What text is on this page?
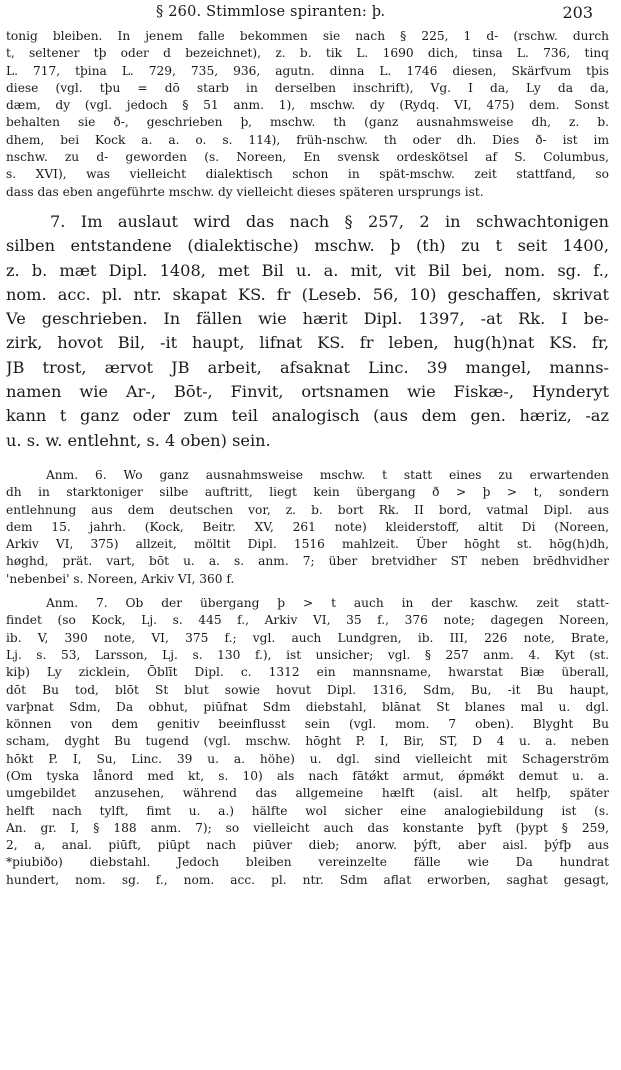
§ 260. Stimmlose spiranten: þ.	203
tonig bleiben. In jenem falle bekommen sie nach § 225, 1 d- (rschw. durch
t, seltener tþ oder d bezeichnet), z. b. tik L. 1690 dich, tinsa L. 736, tinq
L. 717, tþina L. 729, 735, 936, agutn. dinna L. 1746 diesen, Skärfvum tþis
diese (vgl. tþu = dō starb in derselben inschrift), Vg. I da, Ly da da,
dæm, dy (vgl. jedoch § 51 anm. 1), mschw. dy (Rydq. VI, 475) dem. Sonst
behalten sie ð-, geschrieben þ, mschw. th (ganz ausnahmsweise dh, z. b.
dhem, bei Kock a. a. o. s. 114), früh-nschw. th oder dh. Dies ð- ist im
nschw. zu d- geworden (s. Noreen, En svensk ordeskötsel af S. Columbus,
s. XVI), was vielleicht dialektisch schon in spät-mschw. zeit stattfand, so
dass das eben angeführte mschw. dy vielleicht dieses späteren ursprungs ist.
7. Im auslaut wird das nach § 257, 2 in schwachtonigen
silben entstandene (dialektische) mschw. þ (th) zu t seit 1400,
z. b. mæt Dipl. 1408, met Bil u. a. mit, vit Bil bei, nom. sg. f.,
nom. acc. pl. ntr. skapat KS. fr (Leseb. 56, 10) geschaffen, skrivat
Ve geschrieben. In fällen wie hærit Dipl. 1397, -at Rk. I be-
zirk, hovot Bil, -it haupt, lifnat KS. fr leben, hug(h)nat KS. fr,
JB trost, ærvot JB arbeit, afsaknat Linc. 39 mangel, manns-
namen wie Ar-, Bōt-, Finvit, ortsnamen wie Fiskæ-, Hynderyt
kann t ganz oder zum teil analogisch (aus dem gen. hæriz, -az
u. s. w. entlehnt, s. 4 oben) sein.
Anm. 6. Wo ganz ausnahmsweise mschw. t statt eines zu erwartenden
dh in starktoniger silbe auftritt, liegt kein übergang ð > þ > t, sondern
entlehnung aus dem deutschen vor, z. b. bort Rk. II bord, vatmal Dipl. aus
dem 15. jahrh. (Kock, Beitr. XV, 261 note) kleiderstoff, altit Di (Noreen,
Arkiv VI, 375) allzeit, möltit Dipl. 1516 mahlzeit. Über hōght st. hōg(h)dh,
høghd, prät. vart, bōt u. a. s. anm. 7; über bretvidher ST neben brēdhvidher
'nebenbei' s. Noreen, Arkiv VI, 360 f.
Anm. 7. Ob der übergang þ > t auch in der kaschw. zeit statt-
findet (so Kock, Lj. s. 445 f., Arkiv VI, 35 f., 376 note; dagegen Noreen,
ib. V, 390 note, VI, 375 f.; vgl. auch Lundgren, ib. III, 226 note, Brate,
Lj. s. 53, Larsson, Lj. s. 130 f.), ist unsicher; vgl. § 257 anm. 4. Kyt (st.
kiþ) Ly zicklein, Ōblīt Dipl. c. 1312 ein mannsname, hwarstat Biæ überall,
dōt Bu tod, blōt St blut sowie hovut Dipl. 1316, Sdm, Bu, -it Bu haupt,
varþnat Sdm, Da obhut, piūfnat Sdm diebstahl, blānat St blanes mal u. dgl.
können von dem genitiv beeinflusst sein (vgl. mom. 7 oben). Blyght Bu
scham, dyght Bu tugend (vgl. mschw. hōght P. I, Bir, ST, D 4 u. a. neben
hōkt P. I, Su, Linc. 39 u. a. höhe) u. dgl. sind vielleicht mit Schagerström
(Om tyska lånord med kt, s. 10) als nach fātǿkt armut, ǿpmǿkt demut u. a.
umgebildet anzusehen, während das allgemeine hælft (aisl. alt helfþ, später
helft nach tylft, fimt u. a.) hälfte wol sicher eine analogiebildung ist (s.
An. gr. I, § 188 anm. 7); so vielleicht auch das konstante þyft (þypt § 259,
2, a, anal. piūft, piūpt nach piūver dieb; anorw. þýft, aber aisl. þýfþ aus
*piubiðo) diebstahl. Jedoch bleiben vereinzelte fälle wie Da hundrat
hundert, nom. sg. f., nom. acc. pl. ntr. Sdm aflat erworben, saghat gesagt,
